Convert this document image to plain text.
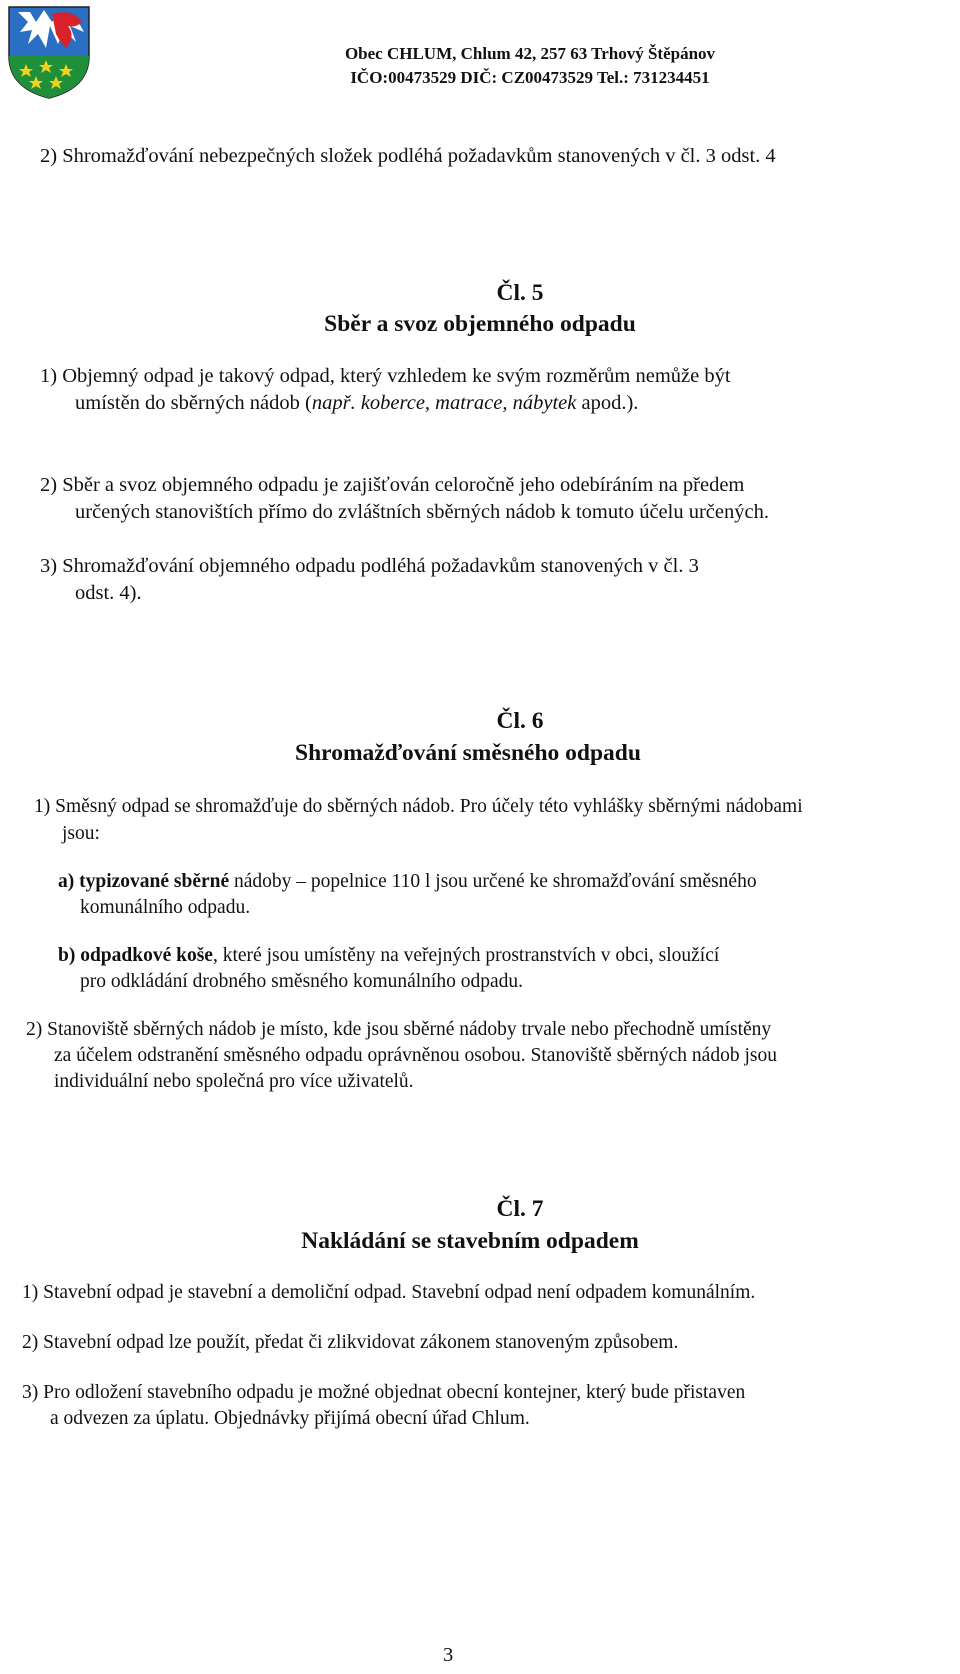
Obec CHLUM, Chlum 42, 257 63 Trhový Štěpánov
IČO:00473529 DIČ: CZ00473529 Tel.: 731234451
2) Shromažďování nebezpečných složek podléhá požadavkům stanovených v čl. 3 odst. 4
Čl. 5
Sběr a svoz objemného odpadu
1) Objemný odpad je takový odpad, který vzhledem ke svým rozměrům nemůže být
umístěn do sběrných nádob (např. koberce, matrace, nábytek apod.).
2) Sběr a svoz objemného odpadu je zajišťován celoročně jeho odebíráním na předem
určených stanovištích přímo do zvláštních sběrných nádob k tomuto účelu určených.
3) Shromažďování objemného odpadu podléhá požadavkům stanovených v čl. 3
odst. 4).
Čl. 6
Shromažďování směsného odpadu
1) Směsný odpad se shromažďuje do sběrných nádob. Pro účely této vyhlášky sběrnými nádobami
jsou:
a) typizované sběrné nádoby – popelnice 110 l jsou určené ke shromažďování směsného
komunálního odpadu.
b) odpadkové koše, které jsou umístěny na veřejných prostranstvích v obci, sloužící
pro odkládání drobného směsného komunálního odpadu.
2) Stanoviště sběrných nádob je místo, kde jsou sběrné nádoby trvale nebo přechodně umístěny
za účelem odstranění směsného odpadu oprávněnou osobou. Stanoviště sběrných nádob jsou
individuální nebo společná pro více uživatelů.
Čl. 7
Nakládání se stavebním odpadem
1) Stavební odpad je stavební a demoliční odpad. Stavební odpad není odpadem komunálním.
2) Stavební odpad lze použít, předat či zlikvidovat zákonem stanoveným způsobem.
3) Pro odložení stavebního odpadu je možné objednat obecní kontejner, který bude přistaven
a odvezen za úplatu. Objednávky přijímá obecní úřad Chlum.
3
